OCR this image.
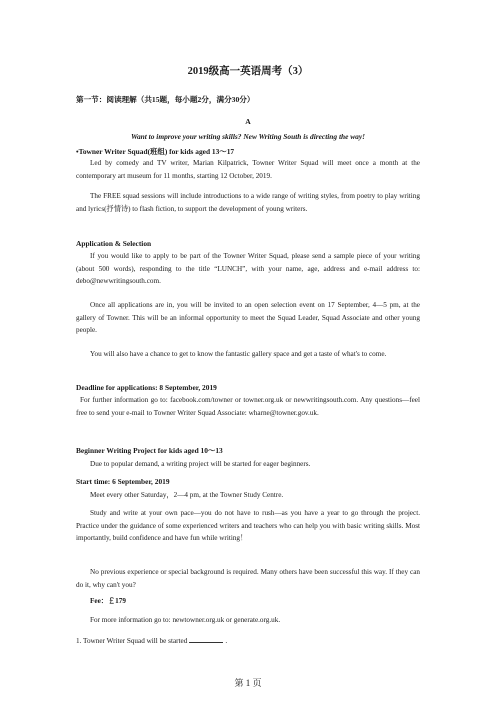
2019级高一英语周考（3）
第一节：阅读理解（共15题，每小题2分，满分30分）
A
Want to improve your writing skills? New Writing South is directing the way!
•Towner Writer Squad(班组) for kids aged 13～17
Led by comedy and TV writer, Marian Kilpatrick, Towner Writer Squad will meet once a month at the contemporary art museum for 11 months, starting 12 October, 2019.
The FREE squad sessions will include introductions to a wide range of writing styles, from poetry to play writing and lyrics(抒情诗) to flash fiction, to support the development of young writers.
Application & Selection
If you would like to apply to be part of the Towner Writer Squad, please send a sample piece of your writing (about 500 words), responding to the title “LUNCH”, with your name, age, address and e-mail address to: debo@newwritingsouth.com.
Once all applications are in, you will be invited to an open selection event on 17 September, 4—5 pm, at the gallery of Towner. This will be an informal opportunity to meet the Squad Leader, Squad Associate and other young people.
You will also have a chance to get to know the fantastic gallery space and get a taste of what's to come.
Deadline for applications: 8 September, 2019
For further information go to: facebook.com/towner or towner.org.uk or newwritingsouth.com. Any questions—feel free to send your e-mail to Towner Writer Squad Associate: wharne@towner.gov.uk.
Beginner Writing Project for kids aged 10～13
Due to popular demand, a writing project will be started for eager beginners.
Start time: 6 September, 2019
Meet every other Saturday，2—4 pm, at the Towner Study Centre.
Study and write at your own pace—you do not have to rush—as you have a year to go through the project. Practice under the guidance of some experienced writers and teachers who can help you with basic writing skills. Most importantly, build confidence and have fun while writing！
No previous experience or special background is required. Many others have been successful this way. If they can do it, why can't you?
Fee：￡179
For more information go to: newtowner.org.uk or generate.org.uk.
1. Towner Writer Squad will be started	.
第 1 页
